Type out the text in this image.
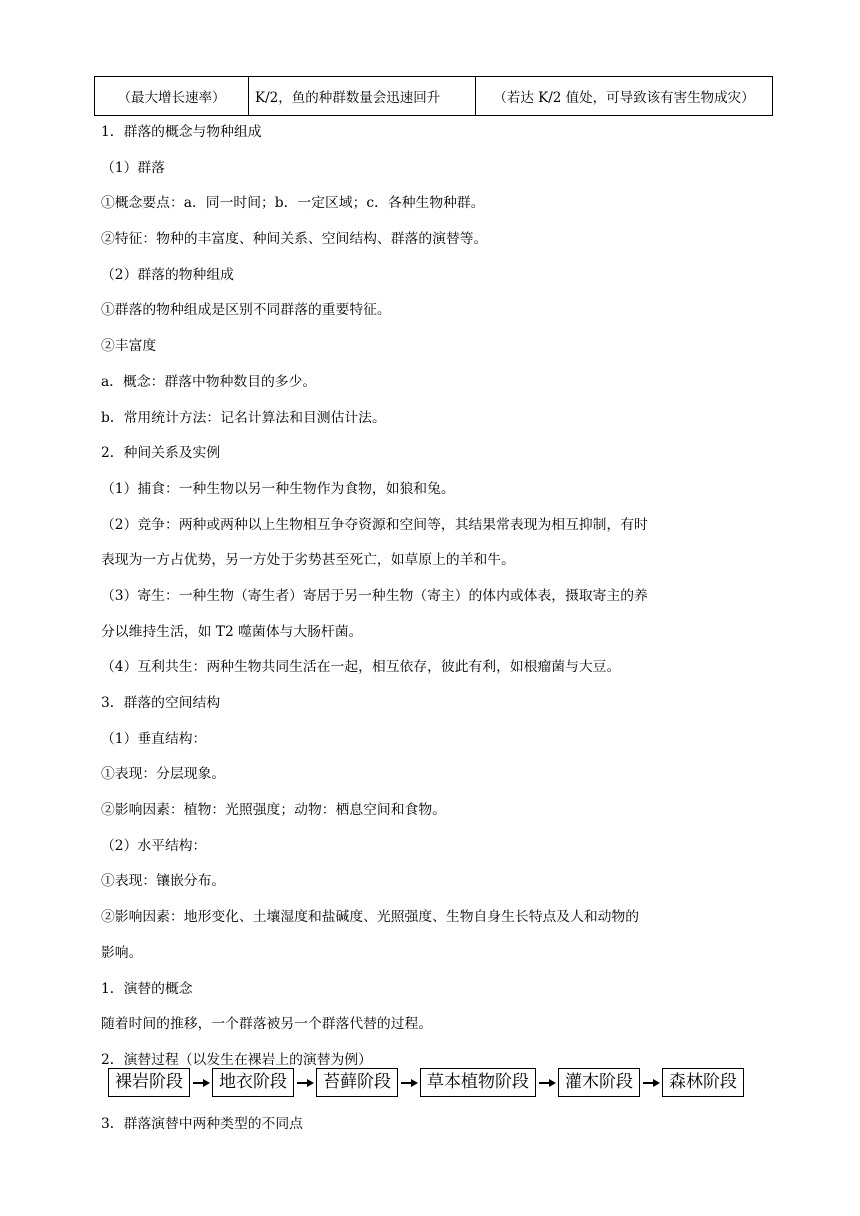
（最大增长速率）	K/2，鱼的种群数量会迅速回升	（若达 K/2 值处，可导致该有害生物成灾）
1．群落的概念与物种组成
（1）群落
①概念要点：a．同一时间；b．一定区域；c．各种生物种群。
②特征：物种的丰富度、种间关系、空间结构、群落的演替等。
（2）群落的物种组成
①群落的物种组成是区别不同群落的重要特征。
②丰富度
a．概念：群落中物种数目的多少。
b．常用统计方法：记名计算法和目测估计法。
2．种间关系及实例
（1）捕食：一种生物以另一种生物作为食物，如狼和兔。
（2）竞争：两种或两种以上生物相互争夺资源和空间等，其结果常表现为相互抑制，有时
表现为一方占优势，另一方处于劣势甚至死亡，如草原上的羊和牛。
（3）寄生：一种生物（寄生者）寄居于另一种生物（寄主）的体内或体表，摄取寄主的养
分以维持生活，如 T2 噬菌体与大肠杆菌。
（4）互利共生：两种生物共同生活在一起，相互依存，彼此有利，如根瘤菌与大豆。
3．群落的空间结构
（1）垂直结构：
①表现：分层现象。
②影响因素：植物：光照强度；动物：栖息空间和食物。
（2）水平结构：
①表现：镶嵌分布。
②影响因素：地形变化、土壤湿度和盐碱度、光照强度、生物自身生长特点及人和动物的
影响。
1．演替的概念
随着时间的推移，一个群落被另一个群落代替的过程。
2．演替过程（以发生在裸岩上的演替为例）
裸岩阶段	地衣阶段	苔藓阶段	草本植物阶段	灌木阶段	森林阶段
3．群落演替中两种类型的不同点
